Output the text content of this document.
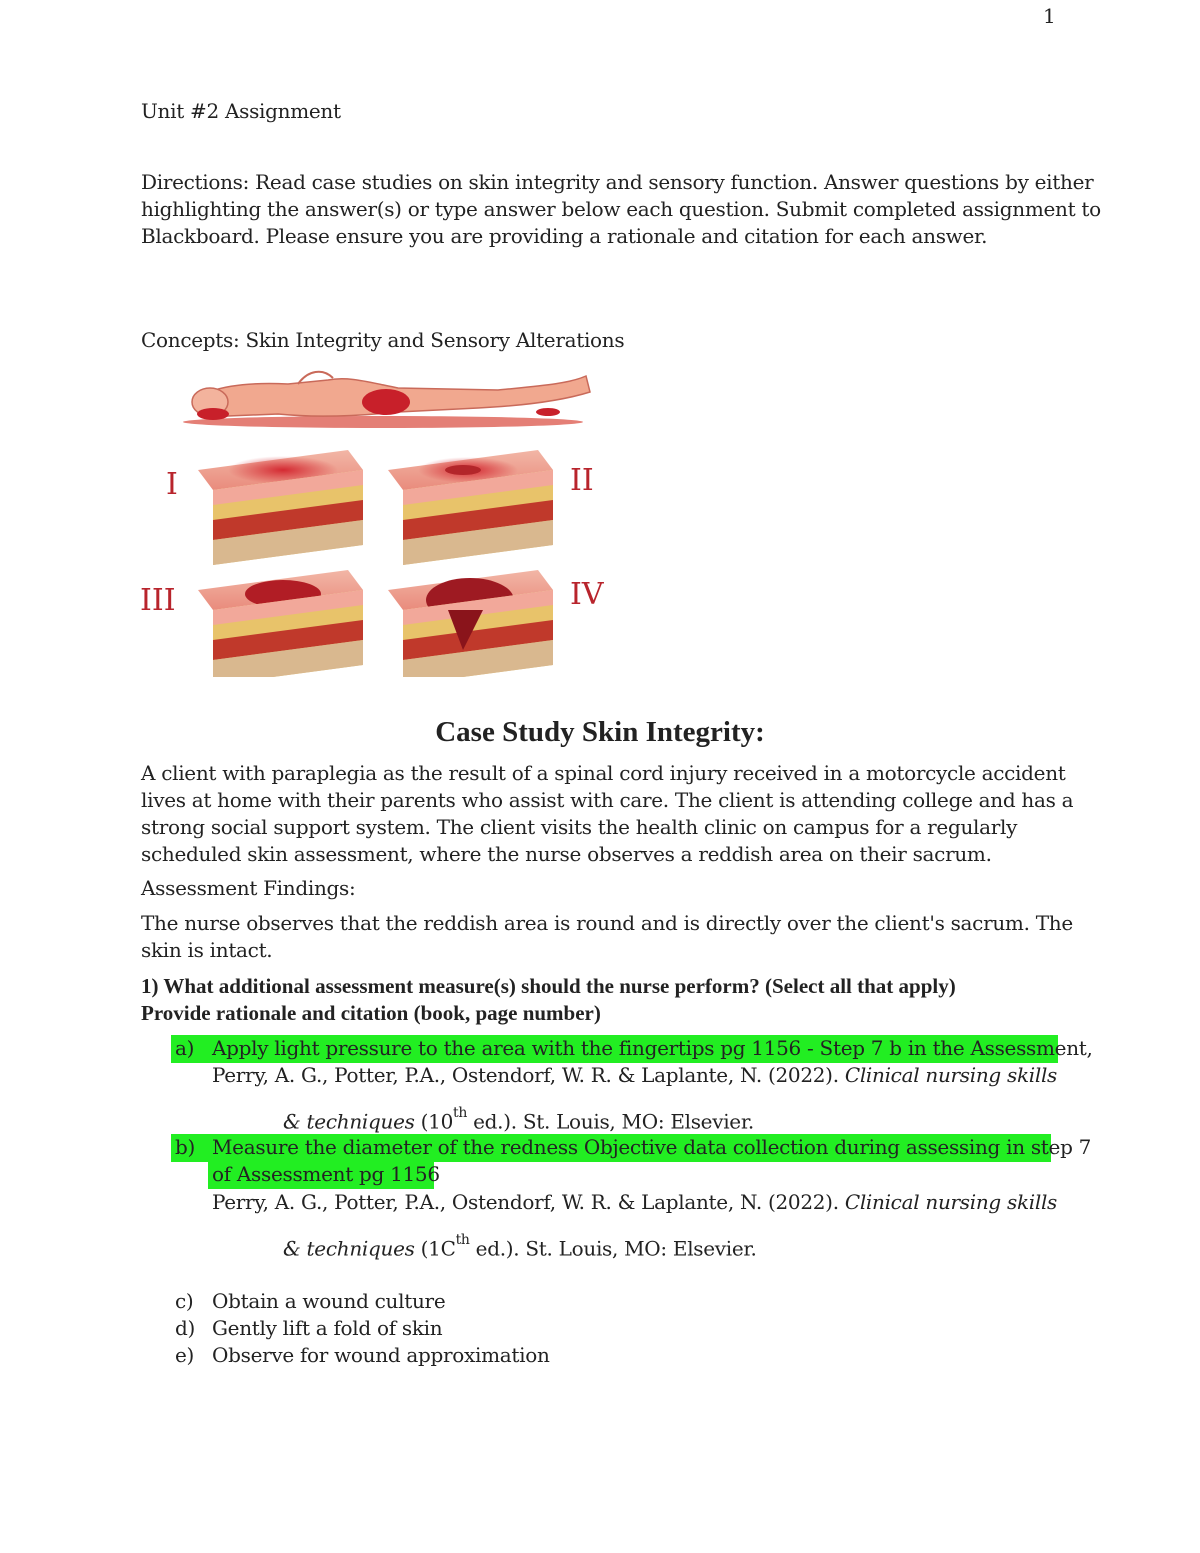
1
Unit #2 Assignment
Directions: Read case studies on skin integrity and sensory function. Answer questions by either
highlighting the answer(s) or type answer below each question. Submit completed assignment to
Blackboard. Please ensure you are providing a rationale and citation for each answer.
Concepts: Skin Integrity and Sensory Alterations
I	II
III	IV
Case Study Skin Integrity:
A client with paraplegia as the result of a spinal cord injury received in a motorcycle accident
lives at home with their parents who assist with care. The client is attending college and has a
strong social support system. The client visits the health clinic on campus for a regularly
scheduled skin assessment, where the nurse observes a reddish area on their sacrum.
Assessment Findings:
The nurse observes that the reddish area is round and is directly over the client's sacrum. The
skin is intact.
1) What additional assessment measure(s) should the nurse perform? (Select all that apply)
Provide rationale and citation (book, page number)
a) Apply light pressure to the area with the fingertips pg 1156 - Step 7 b in the Assessment,
Perry, A. G., Potter, P.A., Ostendorf, W. R. & Laplante, N. (2022). Clinical nursing skills
& techniques (10th ed.). St. Louis, MO: Elsevier.
b) Measure the diameter of the redness Objective data collection during assessing in step 7
of Assessment pg 1156
Perry, A. G., Potter, P.A., Ostendorf, W. R. & Laplante, N. (2022). Clinical nursing skills
& techniques (1Cth ed.). St. Louis, MO: Elsevier.
c) Obtain a wound culture
d) Gently lift a fold of skin
e) Observe for wound approximation
